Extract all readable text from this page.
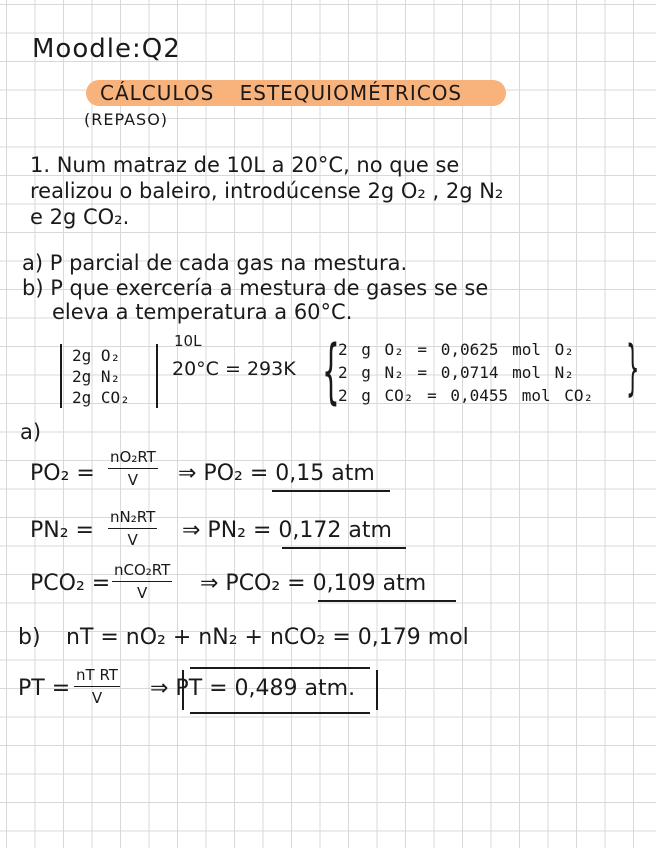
Moodle:Q2
CÁLCULOS ESTEQUIOMÉTRICOS
(REPASO)
1. Num matraz de 10L a 20°C, no que se
realizou o baleiro, introdúcense 2g O₂ , 2g N₂
e 2g CO₂.
a) P parcial de cada gas na mestura.
b) P que exercería a mestura de gases se se
eleva a temperatura a 60°C.
2g O₂
2g N₂
2g CO₂
10L
20°C = 293K {
2 g O₂ = 0,0625 mol O₂
2 g N₂ = 0,0714 mol N₂
2 g CO₂ = 0,0455 mol CO₂ }
a)
$PO_2 = \frac{\text{nO₂RT}}{V}$ ⇒ PO₂ = 0,15 atm
$PN_2 = \frac{\text{nN₂RT}}{V}$ ⇒ PN₂ = 0,172 atm
PCO₂ =
nCO₂RT
V ⇒ PCO₂ = 0,109 atm
b) nT = nO₂ + nN₂ + nCO₂ = 0,179 mol
PT = $\frac{\text{nT RT}}{V}$ ⇒ PT = 0,489 atm.
